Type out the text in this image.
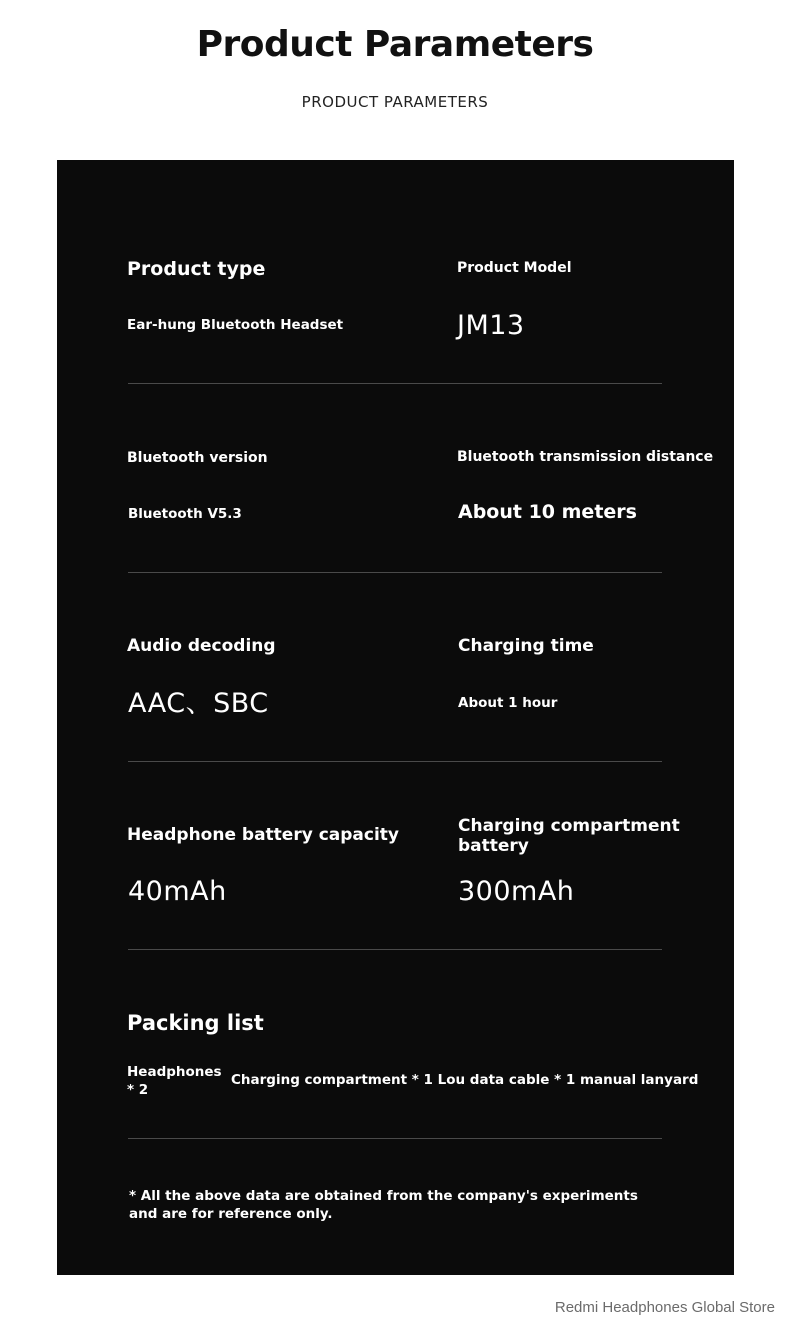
Product Parameters
PRODUCT PARAMETERS
Product type
Ear-hung Bluetooth Headset
Product Model
JM13
Bluetooth version
Bluetooth V5.3
Bluetooth transmission distance
About 10 meters
Audio decoding
AAC、SBC
Charging time
About 1 hour
Headphone battery capacity
40mAh
Charging compartment battery
300mAh
Packing list
Headphones * 2
Charging compartment * 1 Lou data cable * 1 manual lanyard
* All the above data are obtained from the company's experiments and are for reference only.
Redmi Headphones Global Store
